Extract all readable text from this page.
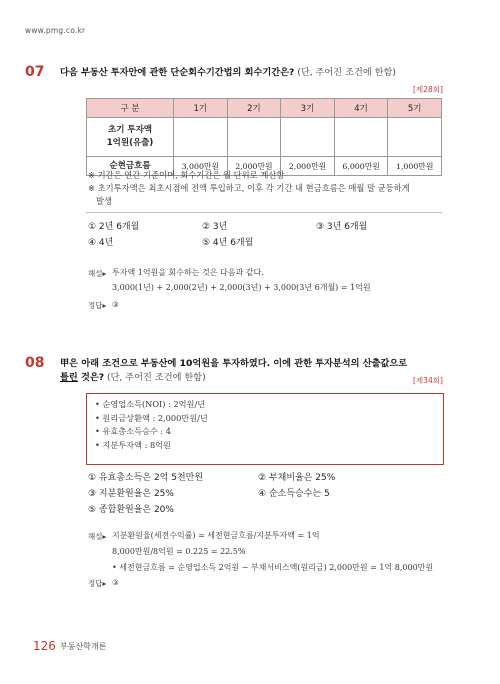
www.pmg.co.kr
07 다음 부동산 투자안에 관한 단순회수기간법의 회수기간은? (단, 주어진 조건에 한함)
[제28회]
구 분	1기	2기	3기	4기	5기

초기 투자액
1억원(유출)					

순현금흐름	3,000만원	2,000만원	2,000만원	6,000만원	1,000만원
※ 기간은 연간 기준이며, 회수기간은 월 단위로 계산함
※ 초기투자액은 최초시점에 전액 투입하고, 이후 각 기간 내 현금흐름은 매월 말 균등하게
발생
① 2년 6개월	② 3년	③ 3년 6개월
④ 4년	⑤ 4년 6개월
해설▸ 투자액 1억원을 회수하는 것은 다음과 같다.
3,000(1년) + 2,000(2년) + 2,000(3년) + 3,000(3년 6개월) = 1억원
정답▸ ③
08 甲은 아래 조건으로 부동산에 10억원을 투자하였다. 이에 관한 투자분석의 산출값으로
틀린 것은? (단, 주어진 조건에 한함)	[제34회]
• 순영업소득(NOI) : 2억원/년
• 원리금상환액 : 2,000만원/년
• 유효총소득승수 : 4
• 지분투자액 : 8억원
① 유효총소득은 2억 5천만원	② 부채비율은 25%
③ 지분환원율은 25%	④ 순소득승수는 5
⑤ 종합환원율은 20%
해설▸ 지분환원율(세전수익률) = 세전현금흐름/지분투자액 = 1억
8,000만원/8억원 = 0.225 = 22.5%
• 세전현금흐름 = 순영업소득 2억원 − 부채서비스액(원리금) 2,000만원 = 1억 8,000만원
정답▸ ③
126 부동산학개론
